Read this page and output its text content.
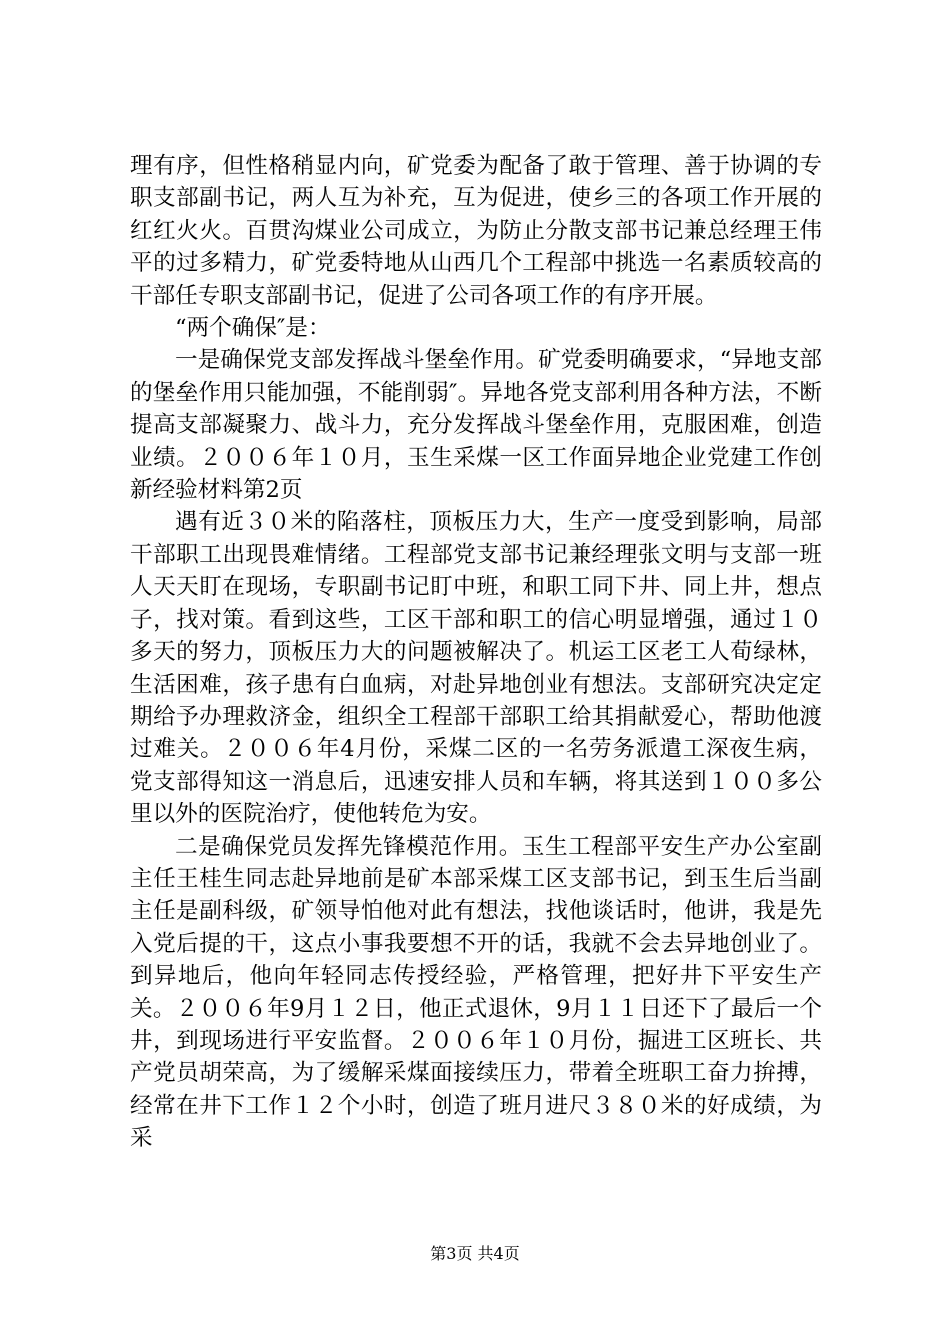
理有序，但性格稍显内向，矿党委为配备了敢于管理、善于协调的专职支部副书记，两人互为补充，互为促进，使乡三的各项工作开展的红红火火。百贯沟煤业公司成立，为防止分散支部书记兼总经理王伟平的过多精力，矿党委特地从山西几个工程部中挑选一名素质较高的干部任专职支部副书记，促进了公司各项工作的有序开展。

“两个确保″是：

一是确保党支部发挥战斗堡垒作用。矿党委明确要求，“异地支部的堡垒作用只能加强，不能削弱″。异地各党支部利用各种方法，不断提高支部凝聚力、战斗力，充分发挥战斗堡垒作用，克服困难，创造业绩。２００６年１０月，玉生采煤一区工作面异地企业党建工作创新经验材料第2页

遇有近３０米的陷落柱，顶板压力大，生产一度受到影响，局部干部职工出现畏难情绪。工程部党支部书记兼经理张文明与支部一班人天天盯在现场，专职副书记盯中班，和职工同下井、同上井，想点子，找对策。看到这些，工区干部和职工的信心明显增强，通过１０多天的努力，顶板压力大的问题被解决了。机运工区老工人荀绿林，生活困难，孩子患有白血病，对赴异地创业有想法。支部研究决定定期给予办理救济金，组织全工程部干部职工给其捐献爱心，帮助他渡过难关。２００６年4月份，采煤二区的一名劳务派遣工深夜生病，党支部得知这一消息后，迅速安排人员和车辆，将其送到１００多公里以外的医院治疗，使他转危为安。

二是确保党员发挥先锋模范作用。玉生工程部平安生产办公室副主任王桂生同志赴异地前是矿本部采煤工区支部书记，到玉生后当副主任是副科级，矿领导怕他对此有想法，找他谈话时，他讲，我是先入党后提的干，这点小事我要想不开的话，我就不会去异地创业了。到异地后，他向年轻同志传授经验，严格管理，把好井下平安生产关。２００６年9月１２日，他正式退休，9月１１日还下了最后一个井，到现场进行平安监督。２００６年１０月份，掘进工区班长、共产党员胡荣高，为了缓解采煤面接续压力，带着全班职工奋力拚搏，经常在井下工作１２个小时，创造了班月进尺３８０米的好成绩，为采

第3页 共4页
